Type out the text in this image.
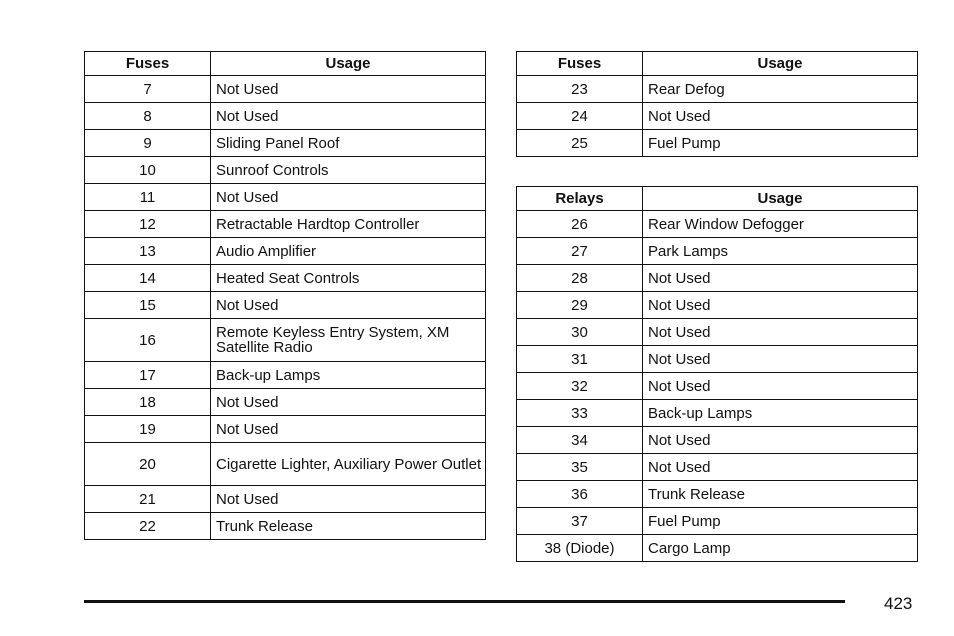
Fuses	Usage
7	Not Used
8	Not Used
9	Sliding Panel Roof
10	Sunroof Controls
11	Not Used
12	Retractable Hardtop Controller
13	Audio Amplifier
14	Heated Seat Controls
15	Not Used
16	Remote Keyless Entry System, XM Satellite Radio
17	Back-up Lamps
18	Not Used
19	Not Used
20	Cigarette Lighter, Auxiliary Power Outlet
21	Not Used
22	Trunk Release
Fuses	Usage
23	Rear Defog
24	Not Used
25	Fuel Pump
Relays	Usage
26	Rear Window Defogger
27	Park Lamps
28	Not Used
29	Not Used
30	Not Used
31	Not Used
32	Not Used
33	Back-up Lamps
34	Not Used
35	Not Used
36	Trunk Release
37	Fuel Pump
38 (Diode)	Cargo Lamp
423
